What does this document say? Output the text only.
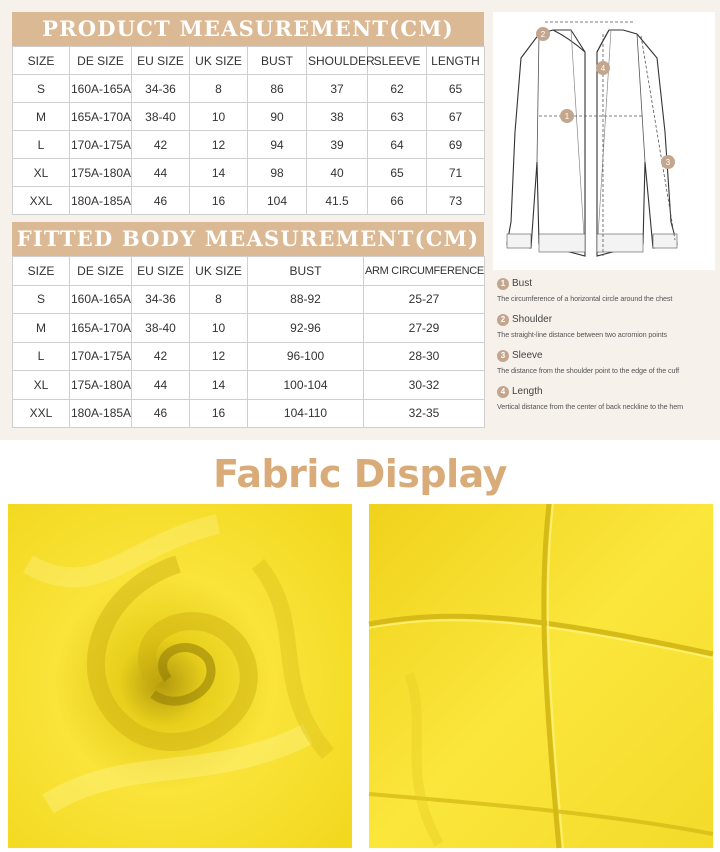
PRODUCT MEASUREMENT(CM)
SIZE	DE SIZE	EU SIZE	UK SIZE	BUST	SHOULDER	SLEEVE	LENGTH
S	160A-165A	34-36	8	86	37	62	65
M	165A-170A	38-40	10	90	38	63	67
L	170A-175A	42	12	94	39	64	69
XL	175A-180A	44	14	98	40	65	71
XXL	180A-185A	46	16	104	41.5	66	73
FITTED BODY MEASUREMENT(CM)
SIZE	DE SIZE	EU SIZE	UK SIZE	BUST	ARM CIRCUMFERENCE
S	160A-165A	34-36	8	88-92	25-27
M	165A-170A	38-40	10	92-96	27-29
L	170A-175A	42	12	96-100	28-30
XL	175A-180A	44	14	100-104	30-32
XXL	180A-185A	46	16	104-110	32-35
1
2
3
4
1 Bust
The circumference of a horizontal circle around the chest
2 Shoulder
The straight-line distance between two acromion points
3 Sleeve
The distance from the shoulder point to the edge of the cuff
4 Length
Vertical distance from the center of back neckline to the hem
Fabric Display
